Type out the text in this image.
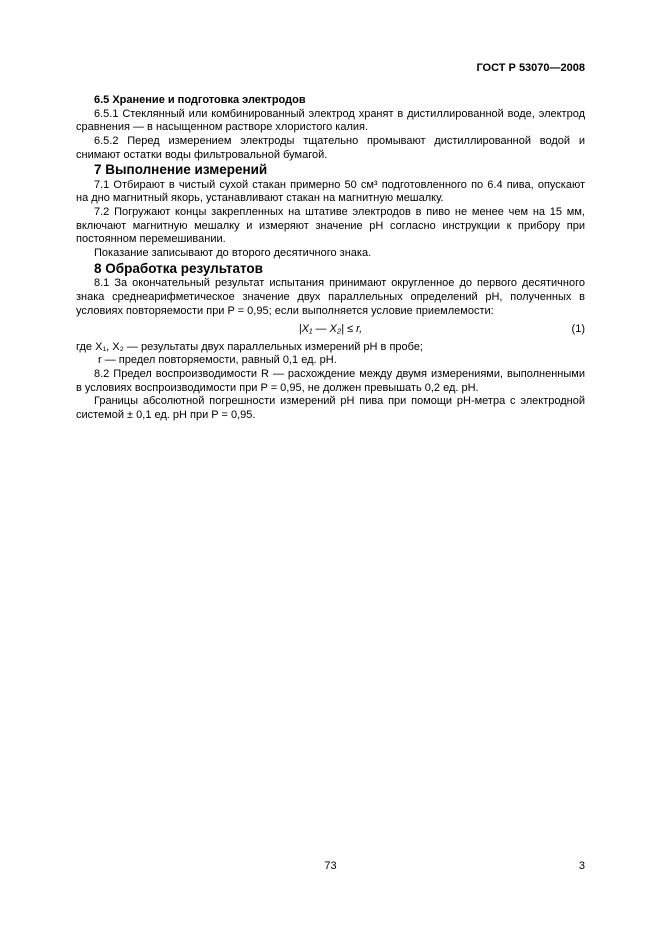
ГОСТ Р 53070—2008

6.5 Хранение и подготовка электродов

6.5.1 Стеклянный или комбинированный электрод хранят в дистиллированной воде, электрод сравнения — в насыщенном растворе хлористого калия.

6.5.2 Перед измерением электроды тщательно промывают дистиллированной водой и снимают остатки воды фильтровальной бумагой.

7 Выполнение измерений

7.1 Отбирают в чистый сухой стакан примерно 50 см³ подготовленного по 6.4 пива, опускают на дно магнитный якорь, устанавливают стакан на магнитную мешалку.

7.2 Погружают концы закрепленных на штативе электродов в пиво не менее чем на 15 мм, включают магнитную мешалку и измеряют значение pH согласно инструкции к прибору при постоянном перемешивании.

Показание записывают до второго десятичного знака.

8 Обработка результатов

8.1 За окончательный результат испытания принимают округленное до первого десятичного знака среднеарифметическое значение двух параллельных определений pH, полученных в условиях повторяемости при P = 0,95; если выполняется условие приемлемости:

|X₁ — X₂| ≤ r,	(1)

где X₁, X₂ — результаты двух параллельных измерений pH в пробе;

r — предел повторяемости, равный 0,1 ед. pH.

8.2 Предел воспроизводимости R — расхождение между двумя измерениями, выполненными в условиях воспроизводимости при P = 0,95, не должен превышать 0,2 ед. pH.

Границы абсолютной погрешности измерений pH пива при помощи pH-метра с электродной системой ± 0,1 ед. pH при P = 0,95.

73	3
